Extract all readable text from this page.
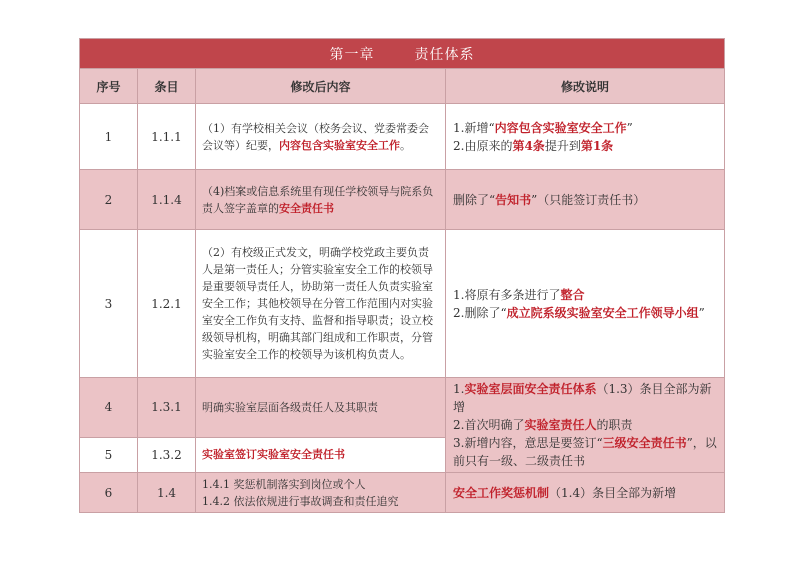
第一章 责任体系			
序号	条目	修改后内容	修改说明
1	1.1.1	（1）有学校相关会议（校务会议、党委常委会会议等）纪要，内容包含实验室安全工作。	1.新增“内容包含实验室安全工作”
2.由原来的第4条提升到第1条

2	1.1.4	（4)档案或信息系统里有现任学校领导与院系负责人签字盖章的安全责任书	删除了“告知书”（只能签订责任书）
3	1.2.1	（2）有校级正式发文，明确学校党政主要负责人是第一责任人；分管实验室安全工作的校领导是重要领导责任人，协助第一责任人负责实验室安全工作；其他校领导在分管工作范围内对实验室安全工作负有支持、监督和指导职责；设立校级领导机构，明确其部门组成和工作职责，分管实验室安全工作的校领导为该机构负责人。	1.将原有多条进行了整合
2.删除了“成立院系级实验室安全工作领导小组”

4	1.3.1	明确实验室层面各级责任人及其职责	1.实验室层面安全责任体系（1.3）条目全部为新增
2.首次明确了实验室责任人的职责
3.新增内容，意思是要签订“三级安全责任书”，以前只有一级、二级责任书

5	1.3.2	实验室签订实验室安全责任书	
6	1.4	1.4.1 奖惩机制落实到岗位或个人
1.4.2 依法依规进行事故调查和责任追究	安全工作奖惩机制（1.4）条目全部为新增
